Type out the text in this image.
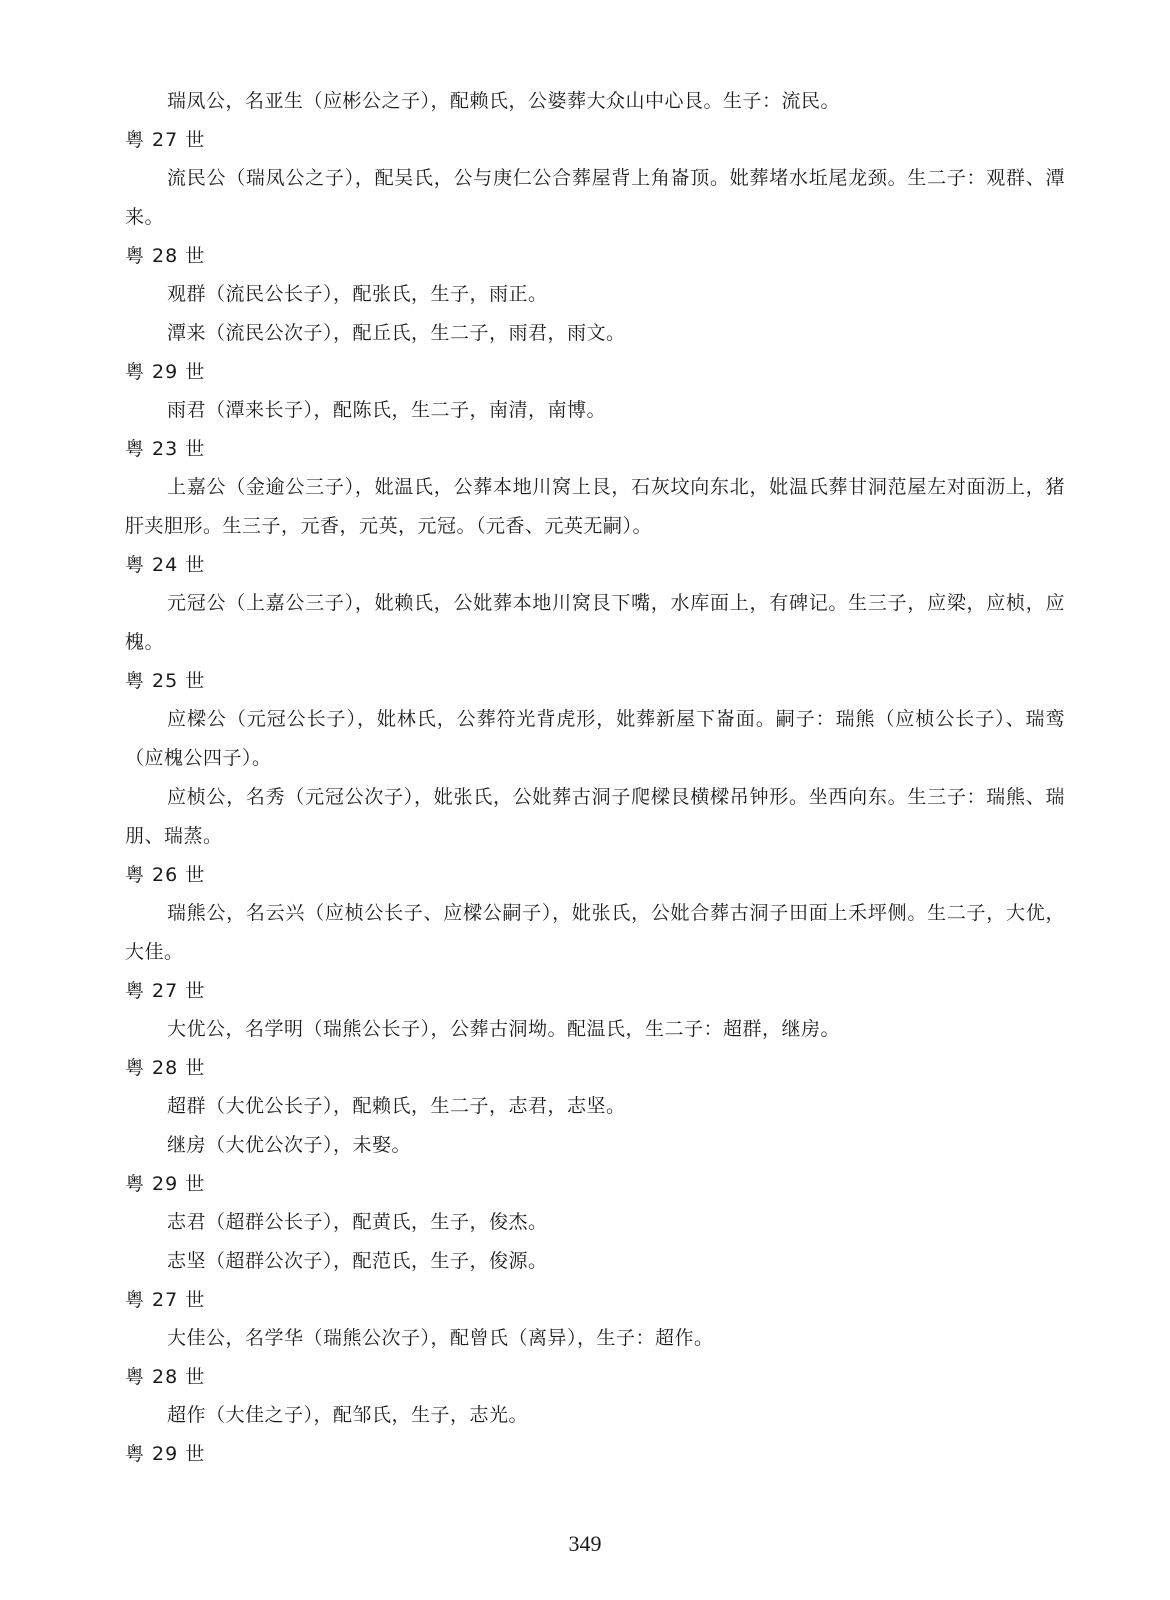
瑞凤公，名亚生（应彬公之子），配赖氏，公婆葬大众山中心艮。生子：流民。

粤 27 世

流民公（瑞凤公之子），配吴氏，公与庚仁公合葬屋背上角崙顶。妣葬堵水坵尾龙颈。生二子：观群、潭来。

粤 28 世

观群（流民公长子），配张氏，生子，雨正。

潭来（流民公次子），配丘氏，生二子，雨君，雨文。

粤 29 世

雨君（潭来长子），配陈氏，生二子，南清，南博。

粤 23 世

上嘉公（金逾公三子），妣温氏，公葬本地川窝上艮，石灰坟向东北，妣温氏葬甘洞范屋左对面沥上，猪肝夹胆形。生三子，元香，元英，元冠。（元香、元英无嗣）。

粤 24 世

元冠公（上嘉公三子），妣赖氏，公妣葬本地川窝艮下嘴，水库面上，有碑记。生三子，应梁，应桢，应槐。

粤 25 世

应樑公（元冠公长子），妣林氏，公葬符光背虎形，妣葬新屋下崙面。嗣子：瑞熊（应桢公长子）、瑞鸾（应槐公四子）。

应桢公，名秀（元冠公次子），妣张氏，公妣葬古洞子爬樑艮横樑吊钟形。坐西向东。生三子：瑞熊、瑞朋、瑞蒸。

粤 26 世

瑞熊公，名云兴（应桢公长子、应樑公嗣子），妣张氏，公妣合葬古洞子田面上禾坪侧。生二子，大优，大佳。

粤 27 世

大优公，名学明（瑞熊公长子），公葬古洞坳。配温氏，生二子：超群，继房。

粤 28 世

超群（大优公长子），配赖氏，生二子，志君，志坚。

继房（大优公次子），未娶。

粤 29 世

志君（超群公长子），配黄氏，生子，俊杰。

志坚（超群公次子），配范氏，生子，俊源。

粤 27 世

大佳公，名学华（瑞熊公次子），配曾氏（离异），生子：超作。

粤 28 世

超作（大佳之子），配邹氏，生子，志光。

粤 29 世
349
